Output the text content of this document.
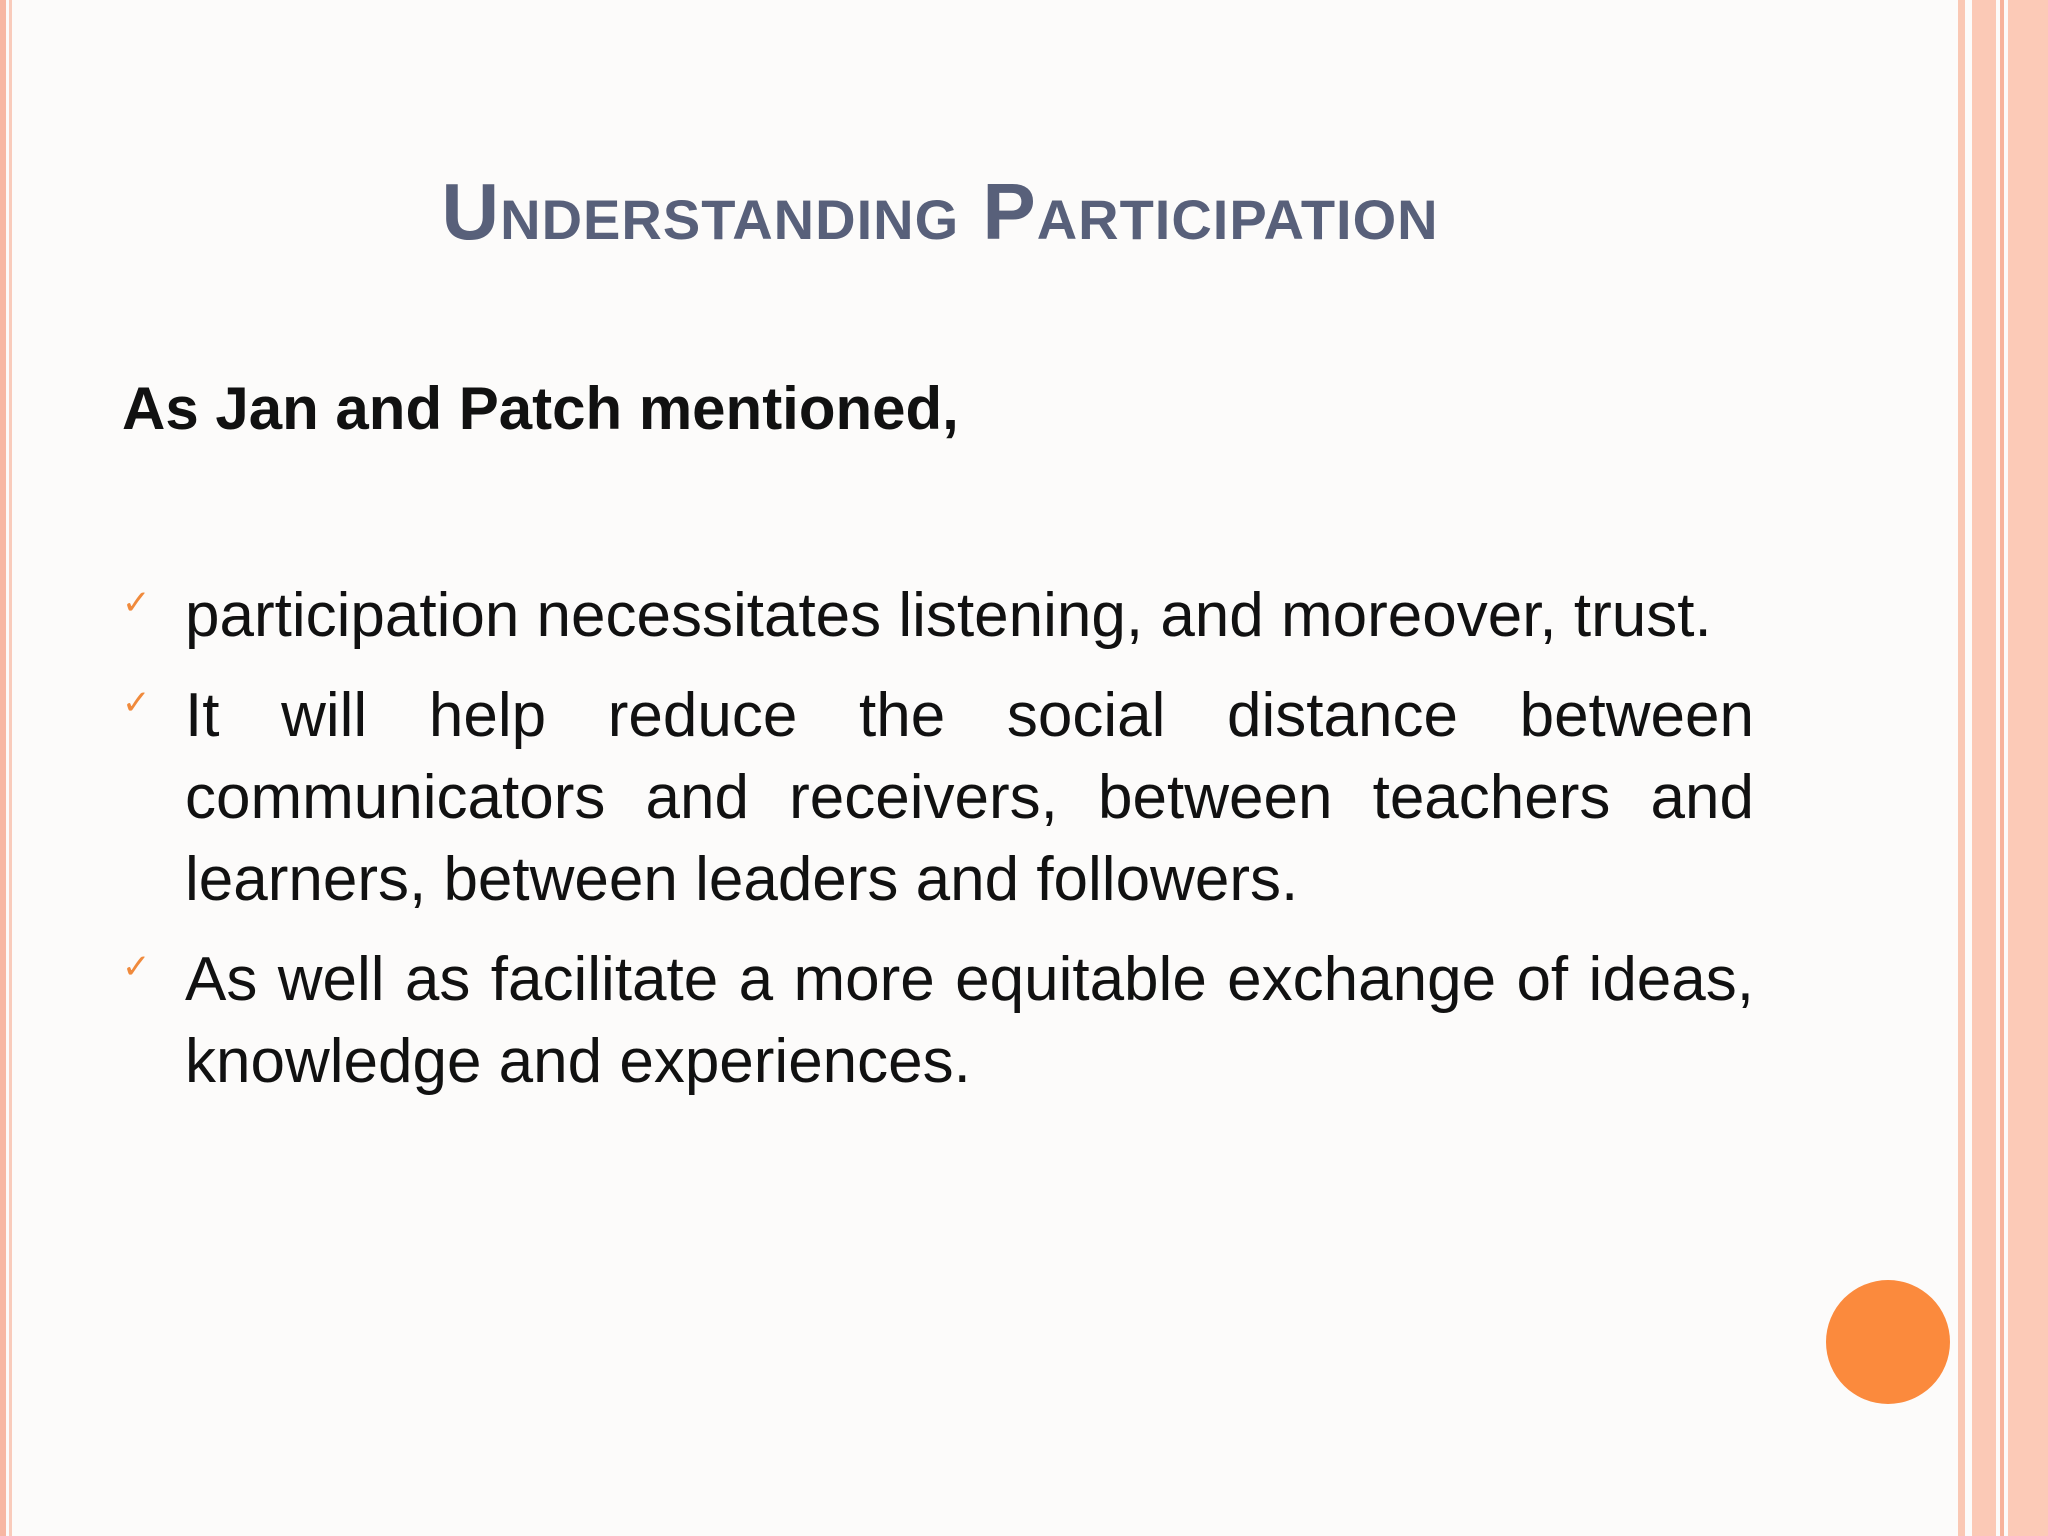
Understanding Participation
As Jan and Patch mentioned,
✓ participation necessitates listening, and moreover, trust.
✓ It will help reduce the social distance between communicators and receivers, between teachers and learners, between leaders and followers.
✓ As well as facilitate a more equitable exchange of ideas, knowledge and experiences.
